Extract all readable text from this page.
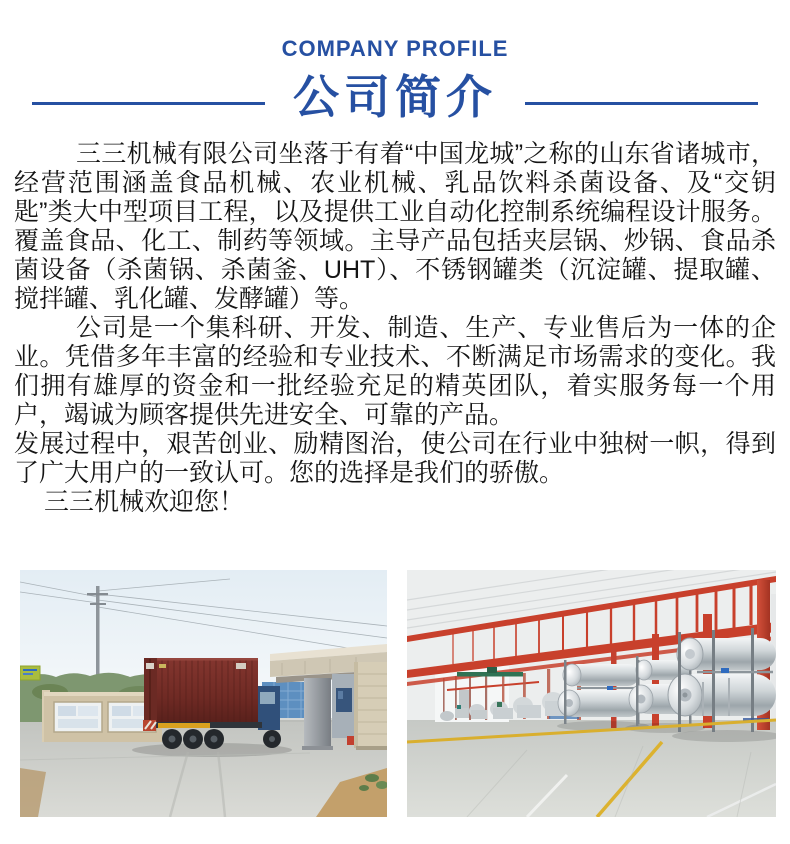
COMPANY PROFILE
公司简介

三三机械有限公司坐落于有着“中国龙城”之称的山东省诸城市，经营范围涵盖食品机械、农业机械、乳品饮料杀菌设备、及“交钥匙”类大中型项目工程，以及提供工业自动化控制系统编程设计服务。覆盖食品、化工、制药等领域。主导产品包括夹层锅、炒锅、食品杀菌设备（杀菌锅、杀菌釜、UHT）、不锈钢罐类（沉淀罐、提取罐、搅拌罐、乳化罐、发酵罐）等。

公司是一个集科研、开发、制造、生产、专业售后为一体的企业。凭借多年丰富的经验和专业技术、不断满足市场需求的变化。我们拥有雄厚的资金和一批经验充足的精英团队，着实服务每一个用户，竭诚为顾客提供先进安全、可靠的产品。

发展过程中，艰苦创业、励精图治，使公司在行业中独树一帜，得到了广大用户的一致认可。您的选择是我们的骄傲。

三三机械欢迎您！
